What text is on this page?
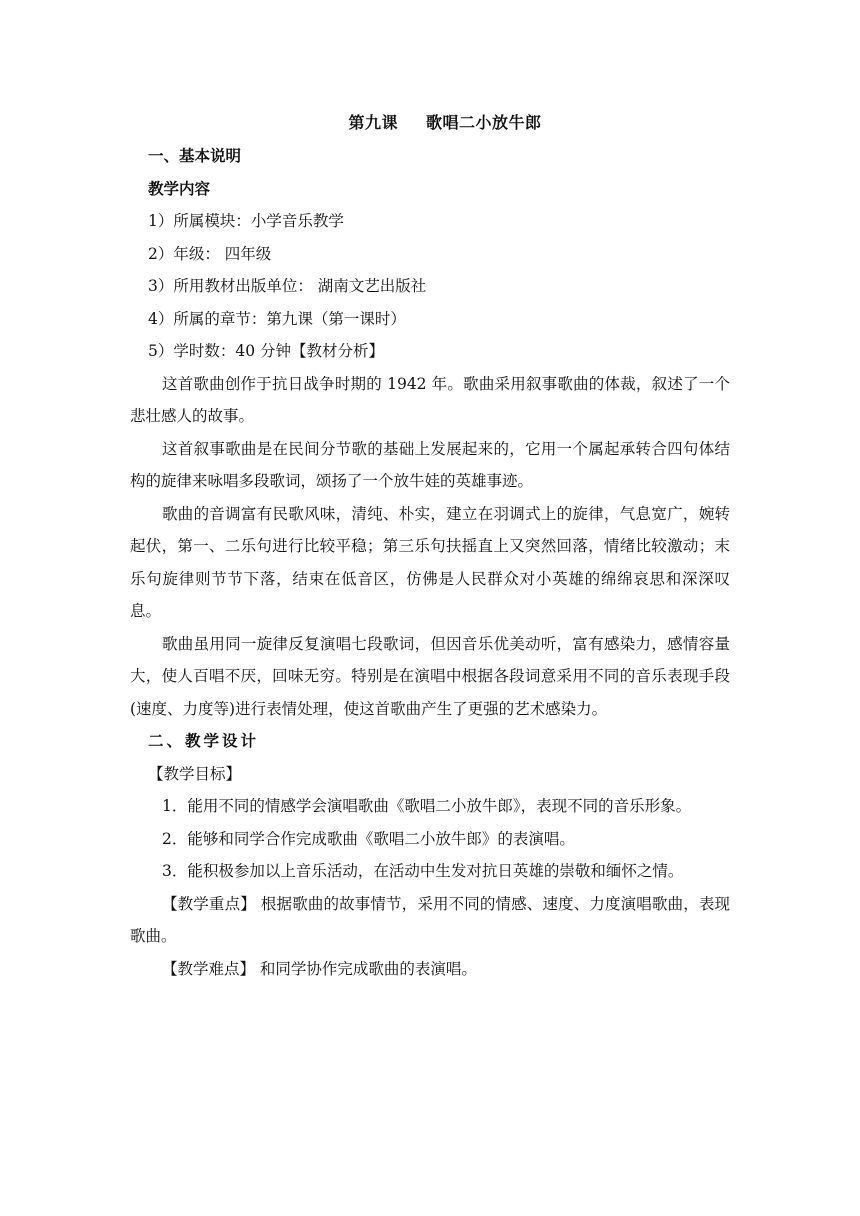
第九课 歌唱二小放牛郎
一、基本说明
教学内容
1）所属模块：小学音乐教学
2）年级： 四年级
3）所用教材出版单位： 湖南文艺出版社
4）所属的章节：第九课（第一课时）
5）学时数：40 分钟【教材分析】

这首歌曲创作于抗日战争时期的 1942 年。歌曲采用叙事歌曲的体裁，叙述了一个悲壮感人的故事。

这首叙事歌曲是在民间分节歌的基础上发展起来的，它用一个属起承转合四句体结构的旋律来咏唱多段歌词，颂扬了一个放牛娃的英雄事迹。

歌曲的音调富有民歌风味，清纯、朴实，建立在羽调式上的旋律，气息宽广，婉转起伏，第一、二乐句进行比较平稳；第三乐句扶摇直上又突然回落，情绪比较激动；末乐句旋律则节节下落，结束在低音区，仿佛是人民群众对小英雄的绵绵哀思和深深叹息。

歌曲虽用同一旋律反复演唱七段歌词，但因音乐优美动听，富有感染力，感情容量大，使人百唱不厌，回味无穷。特别是在演唱中根据各段词意采用不同的音乐表现手段(速度、力度等)进行表情处理，使这首歌曲产生了更强的艺术感染力。

二、教学设计
【教学目标】

1．能用不同的情感学会演唱歌曲《歌唱二小放牛郎》，表现不同的音乐形象。

2．能够和同学合作完成歌曲《歌唱二小放牛郎》的表演唱。

3．能积极参加以上音乐活动，在活动中生发对抗日英雄的崇敬和缅怀之情。

【教学重点】 根据歌曲的故事情节，采用不同的情感、速度、力度演唱歌曲，表现歌曲。

【教学难点】 和同学协作完成歌曲的表演唱。
